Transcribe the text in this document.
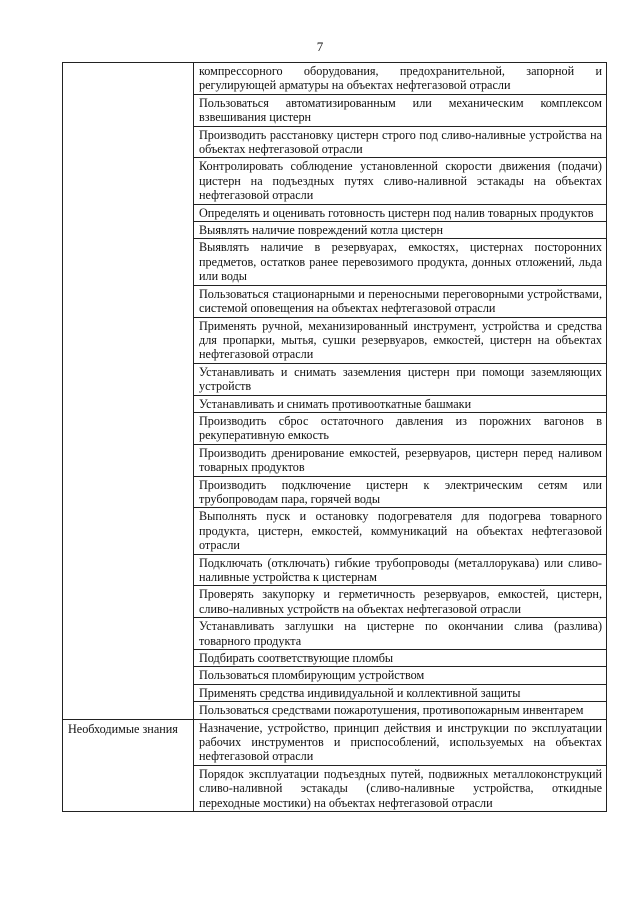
7
	компрессорного оборудования, предохранительной, запорной и регулирующей арматуры на объектах нефтегазовой отрасли
	Пользоваться автоматизированным или механическим комплексом взвешивания цистерн
	Производить расстановку цистерн строго под сливо-наливные устройства на объектах нефтегазовой отрасли
	Контролировать соблюдение установленной скорости движения (подачи) цистерн на подъездных путях сливо-наливной эстакады на объектах нефтегазовой отрасли
	Определять и оценивать готовность цистерн под налив товарных продуктов
	Выявлять наличие повреждений котла цистерн
	Выявлять наличие в резервуарах, емкостях, цистернах посторонних предметов, остатков ранее перевозимого продукта, донных отложений, льда или воды
	Пользоваться стационарными и переносными переговорными устройствами, системой оповещения на объектах нефтегазовой отрасли
	Применять ручной, механизированный инструмент, устройства и средства для пропарки, мытья, сушки резервуаров, емкостей, цистерн на объектах нефтегазовой отрасли
	Устанавливать и снимать заземления цистерн при помощи заземляющих устройств
	Устанавливать и снимать противооткатные башмаки
	Производить сброс остаточного давления из порожних вагонов в рекуперативную емкость
	Производить дренирование емкостей, резервуаров, цистерн перед наливом товарных продуктов
	Производить подключение цистерн к электрическим сетям или трубопроводам пара, горячей воды
	Выполнять пуск и остановку подогревателя для подогрева товарного продукта, цистерн, емкостей, коммуникаций на объектах нефтегазовой отрасли
	Подключать (отключать) гибкие трубопроводы (металлорукава) или сливо-наливные устройства к цистернам
	Проверять закупорку и герметичность резервуаров, емкостей, цистерн, сливо-наливных устройств на объектах нефтегазовой отрасли
	Устанавливать заглушки на цистерне по окончании слива (разлива) товарного продукта
	Подбирать соответствующие пломбы
	Пользоваться пломбирующим устройством
	Применять средства индивидуальной и коллективной защиты
	Пользоваться средствами пожаротушения, противопожарным инвентарем

Необходимые знания	Назначение, устройство, принцип действия и инструкции по эксплуатации рабочих инструментов и приспособлений, используемых на объектах нефтегазовой отрасли
	Порядок эксплуатации подъездных путей, подвижных металлоконструкций сливо-наливной эстакады (сливо-наливные устройства, откидные переходные мостики) на объектах нефтегазовой отрасли
